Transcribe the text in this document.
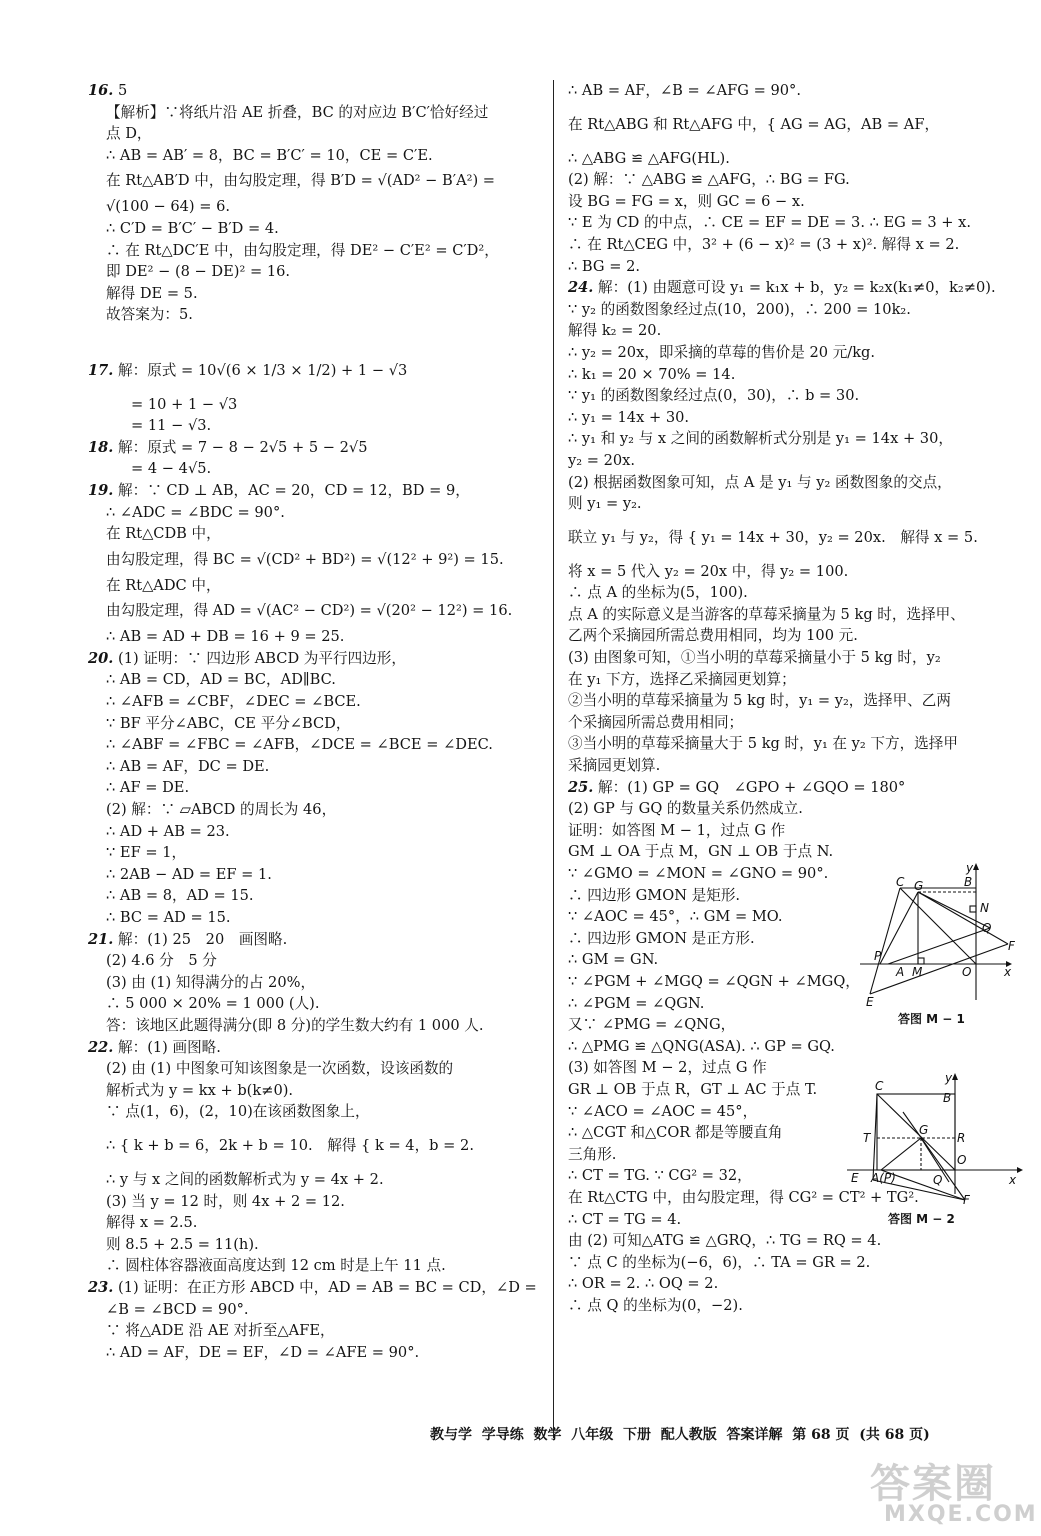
16. 5
【解析】∵将纸片沿 AE 折叠，BC 的对应边 B′C′恰好经过
点 D，
∴ AB = AB′ = 8，BC = B′C′ = 10，CE = C′E.
在 Rt△AB′D 中，由勾股定理，得 B′D = √(AD² − B′A²) =
√(100 − 64) = 6.
∴ C′D = B′C′ − B′D = 4.
∴ 在 Rt△DC′E 中，由勾股定理，得 DE² − C′E² = C′D²，
即 DE² − (8 − DE)² = 16.
解得 DE = 5.
故答案为：5.
17. 解：原式 = 10√(6 × 1/3 × 1/2) + 1 − √3
= 10 + 1 − √3
= 11 − √3.
18. 解：原式 = 7 − 8 − 2√5 + 5 − 2√5
= 4 − 4√5.
19. 解：∵ CD ⊥ AB，AC = 20，CD = 12，BD = 9，
∴ ∠ADC = ∠BDC = 90°.
在 Rt△CDB 中，
由勾股定理，得 BC = √(CD² + BD²) = √(12² + 9²) = 15.
在 Rt△ADC 中，
由勾股定理，得 AD = √(AC² − CD²) = √(20² − 12²) = 16.
∴ AB = AD + DB = 16 + 9 = 25.
20. (1) 证明：∵ 四边形 ABCD 为平行四边形，
∴ AB = CD，AD = BC，AD∥BC.
∴ ∠AFB = ∠CBF，∠DEC = ∠BCE.
∵ BF 平分∠ABC，CE 平分∠BCD，
∴ ∠ABF = ∠FBC = ∠AFB，∠DCE = ∠BCE = ∠DEC.
∴ AB = AF，DC = DE.
∴ AF = DE.
(2) 解：∵ ▱ABCD 的周长为 46，
∴ AD + AB = 23.
∵ EF = 1，
∴ 2AB − AD = EF = 1.
∴ AB = 8，AD = 15.
∴ BC = AD = 15.
21. 解：(1) 25　20　画图略.
(2) 4.6 分　5 分
(3) 由 (1) 知得满分的占 20%，
∴ 5 000 × 20% = 1 000 (人).
答：该地区此题得满分(即 8 分)的学生数大约有 1 000 人.
22. 解：(1) 画图略.
(2) 由 (1) 中图象可知该图象是一次函数，设该函数的
解析式为 y = kx + b(k≠0).
∵ 点(1，6)，(2，10)在该函数图象上，
∴ { k + b = 6，2k + b = 10.　解得 { k = 4，b = 2.
∴ y 与 x 之间的函数解析式为 y = 4x + 2.
(3) 当 y = 12 时，则 4x + 2 = 12.
解得 x = 2.5.
则 8.5 + 2.5 = 11(h).
∴ 圆柱体容器液面高度达到 12 cm 时是上午 11 点.
23. (1) 证明：在正方形 ABCD 中，AD = AB = BC = CD，∠D =
∠B = ∠BCD = 90°.
∵ 将△ADE 沿 AE 对折至△AFE，
∴ AD = AF，DE = EF，∠D = ∠AFE = 90°.
∴ AB = AF，∠B = ∠AFG = 90°.
在 Rt△ABG 和 Rt△AFG 中，{ AG = AG，AB = AF，
∴ △ABG ≌ △AFG(HL).
(2) 解：∵ △ABG ≌ △AFG，∴ BG = FG.
设 BG = FG = x，则 GC = 6 − x.
∵ E 为 CD 的中点，∴ CE = EF = DE = 3. ∴ EG = 3 + x.
∴ 在 Rt△CEG 中，3² + (6 − x)² = (3 + x)². 解得 x = 2.
∴ BG = 2.
24. 解：(1) 由题意可设 y₁ = k₁x + b，y₂ = k₂x(k₁≠0，k₂≠0).
∵ y₂ 的函数图象经过点(10，200)，∴ 200 = 10k₂.
解得 k₂ = 20.
∴ y₂ = 20x，即采摘的草莓的售价是 20 元/kg.
∴ k₁ = 20 × 70% = 14.
∵ y₁ 的函数图象经过点(0，30)，∴ b = 30.
∴ y₁ = 14x + 30.
∴ y₁ 和 y₂ 与 x 之间的函数解析式分别是 y₁ = 14x + 30，
y₂ = 20x.
(2) 根据函数图象可知，点 A 是 y₁ 与 y₂ 函数图象的交点，
则 y₁ = y₂.
联立 y₁ 与 y₂，得 { y₁ = 14x + 30，y₂ = 20x.　解得 x = 5.
将 x = 5 代入 y₂ = 20x 中，得 y₂ = 100.
∴ 点 A 的坐标为(5，100).
点 A 的实际意义是当游客的草莓采摘量为 5 kg 时，选择甲、
乙两个采摘园所需总费用相同，均为 100 元.
(3) 由图象可知，①当小明的草莓采摘量小于 5 kg 时，y₂
在 y₁ 下方，选择乙采摘园更划算；
②当小明的草莓采摘量为 5 kg 时，y₁ = y₂，选择甲、乙两
个采摘园所需总费用相同；
③当小明的草莓采摘量大于 5 kg 时，y₁ 在 y₂ 下方，选择甲
采摘园更划算.
25. 解：(1) GP = GQ　∠GPO + ∠GQO = 180°
(2) GP 与 GQ 的数量关系仍然成立.
证明：如答图 M − 1，过点 G 作
GM ⊥ OA 于点 M，GN ⊥ OB 于点 N.
∵ ∠GMO = ∠MON = ∠GNO = 90°.
∴ 四边形 GMON 是矩形.
∵ ∠AOC = 45°，∴ GM = MO.
∴ 四边形 GMON 是正方形.
∴ GM = GN.
∵ ∠PGM + ∠MGQ = ∠QGN + ∠MGQ，
∴ ∠PGM = ∠QGN.
又∵ ∠PMG = ∠QNG，
∴ △PMG ≌ △QNG(ASA). ∴ GP = GQ.
(3) 如答图 M − 2，过点 G 作
GR ⊥ OB 于点 R，GT ⊥ AC 于点 T.
∵ ∠ACO = ∠AOC = 45°，
∴ △CGT 和△COR 都是等腰直角
三角形.
∴ CT = TG. ∵ CG² = 32，
在 Rt△CTG 中，由勾股定理，得 CG² = CT² + TG².
∴ CT = TG = 4.
由 (2) 可知△ATG ≌ △GRQ，∴ TG = RQ = 4.
∵ 点 C 的坐标为(−6，6)，∴ TA = GR = 2.
∴ OR = 2. ∴ OQ = 2.
∴ 点 Q 的坐标为(0，−2).
C G	B
y
N
Q
F
P
A M	O	x
E
答图 M − 1
C
y
B
T
G
R
O
E A(P)	Q
F
x
答图 M − 2
教与学  学导练  数学  八年级  下册  配人教版  答案详解  第 68 页  (共 68 页)
答案圈
MXQE.COM
